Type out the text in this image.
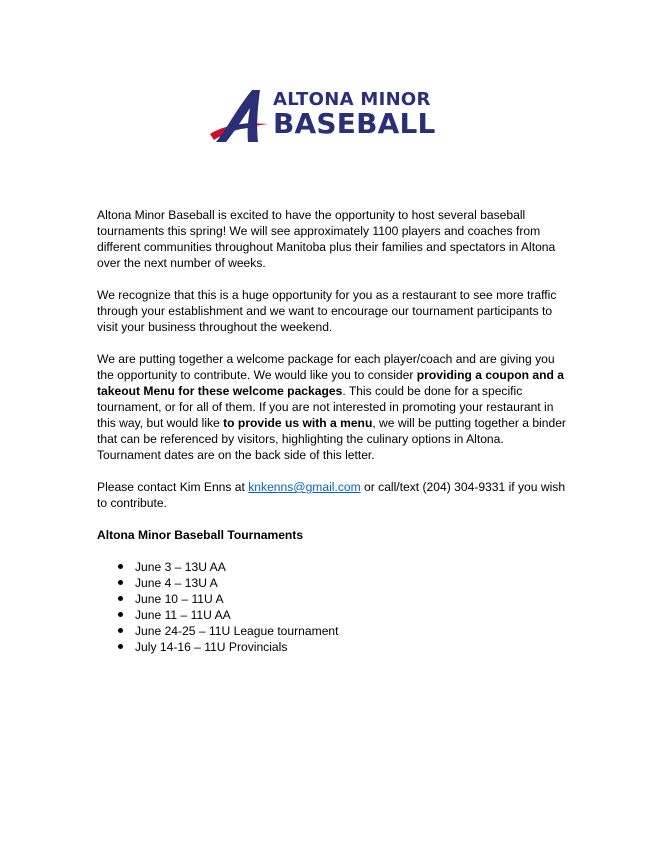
ALTONA MINOR
BASEBALL

Altona Minor Baseball is excited to have the opportunity to host several baseball tournaments this spring! We will see approximately 1100 players and coaches from different communities throughout Manitoba plus their families and spectators in Altona over the next number of weeks.

We recognize that this is a huge opportunity for you as a restaurant to see more traffic through your establishment and we want to encourage our tournament participants to visit your business throughout the weekend.

We are putting together a welcome package for each player/coach and are giving you the opportunity to contribute. We would like you to consider providing a coupon and a takeout Menu for these welcome packages. This could be done for a specific tournament, or for all of them. If you are not interested in promoting your restaurant in this way, but would like to provide us with a menu, we will be putting together a binder that can be referenced by visitors, highlighting the culinary options in Altona. Tournament dates are on the back side of this letter.

Please contact Kim Enns at knkenns@gmail.com or call/text (204) 304-9331 if you wish to contribute.

Altona Minor Baseball Tournaments
June 3 – 13U AA
June 4 – 13U A
June 10 – 11U A
June 11 – 11U AA
June 24-25 – 11U League tournament
July 14-16 – 11U Provincials
